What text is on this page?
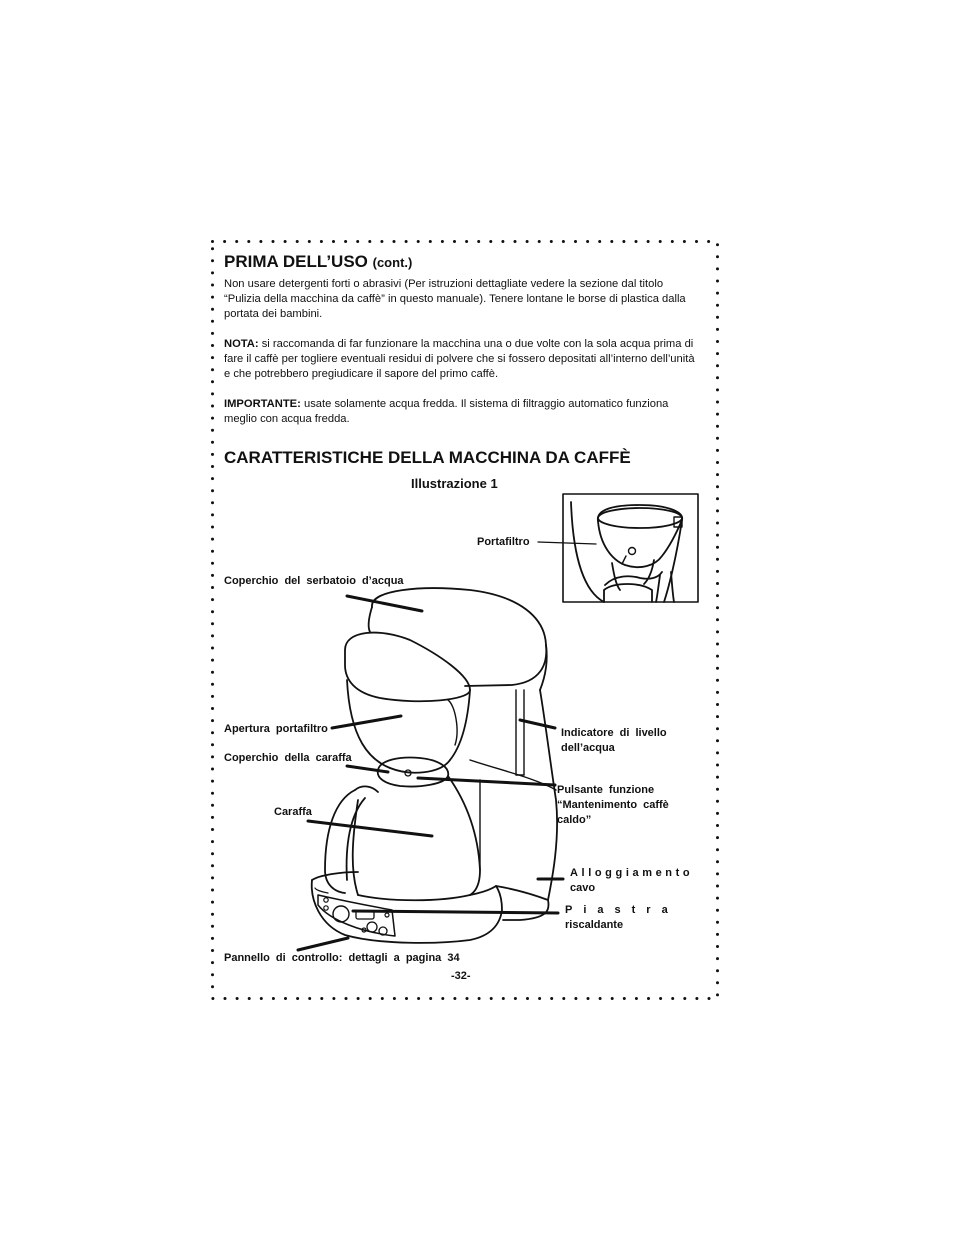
PRIMA DELL’USO (cont.)
Non usare detergenti forti o abrasivi (Per istruzioni dettagliate vedere la sezione dal titolo “Pulizia della macchina da caffè” in questo manuale). Tenere lontane le borse di plastica dalla portata dei bambini.
NOTA: si raccomanda di far funzionare la macchina una o due volte con la sola acqua prima di fare il caffè per togliere eventuali residui di polvere che si fossero depositati all’interno dell’unità e che potrebbero pregiudicare il sapore del primo caffè.
IMPORTANTE: usate solamente acqua fredda. Il sistema di filtraggio automatico funziona meglio con acqua fredda.
CARATTERISTICHE DELLA MACCHINA DA CAFFÈ
Illustrazione 1
Portafiltro
Coperchio del serbatoio d’acqua
Apertura portafiltro
Coperchio della caraffa
Caraffa
Indicatore di livello
dell’acqua
Pulsante funzione
“Mantenimento caffè
caldo”
Alloggiamento
cavo
Piastra
riscaldante
Pannello di controllo: dettagli a pagina 34
-32-
